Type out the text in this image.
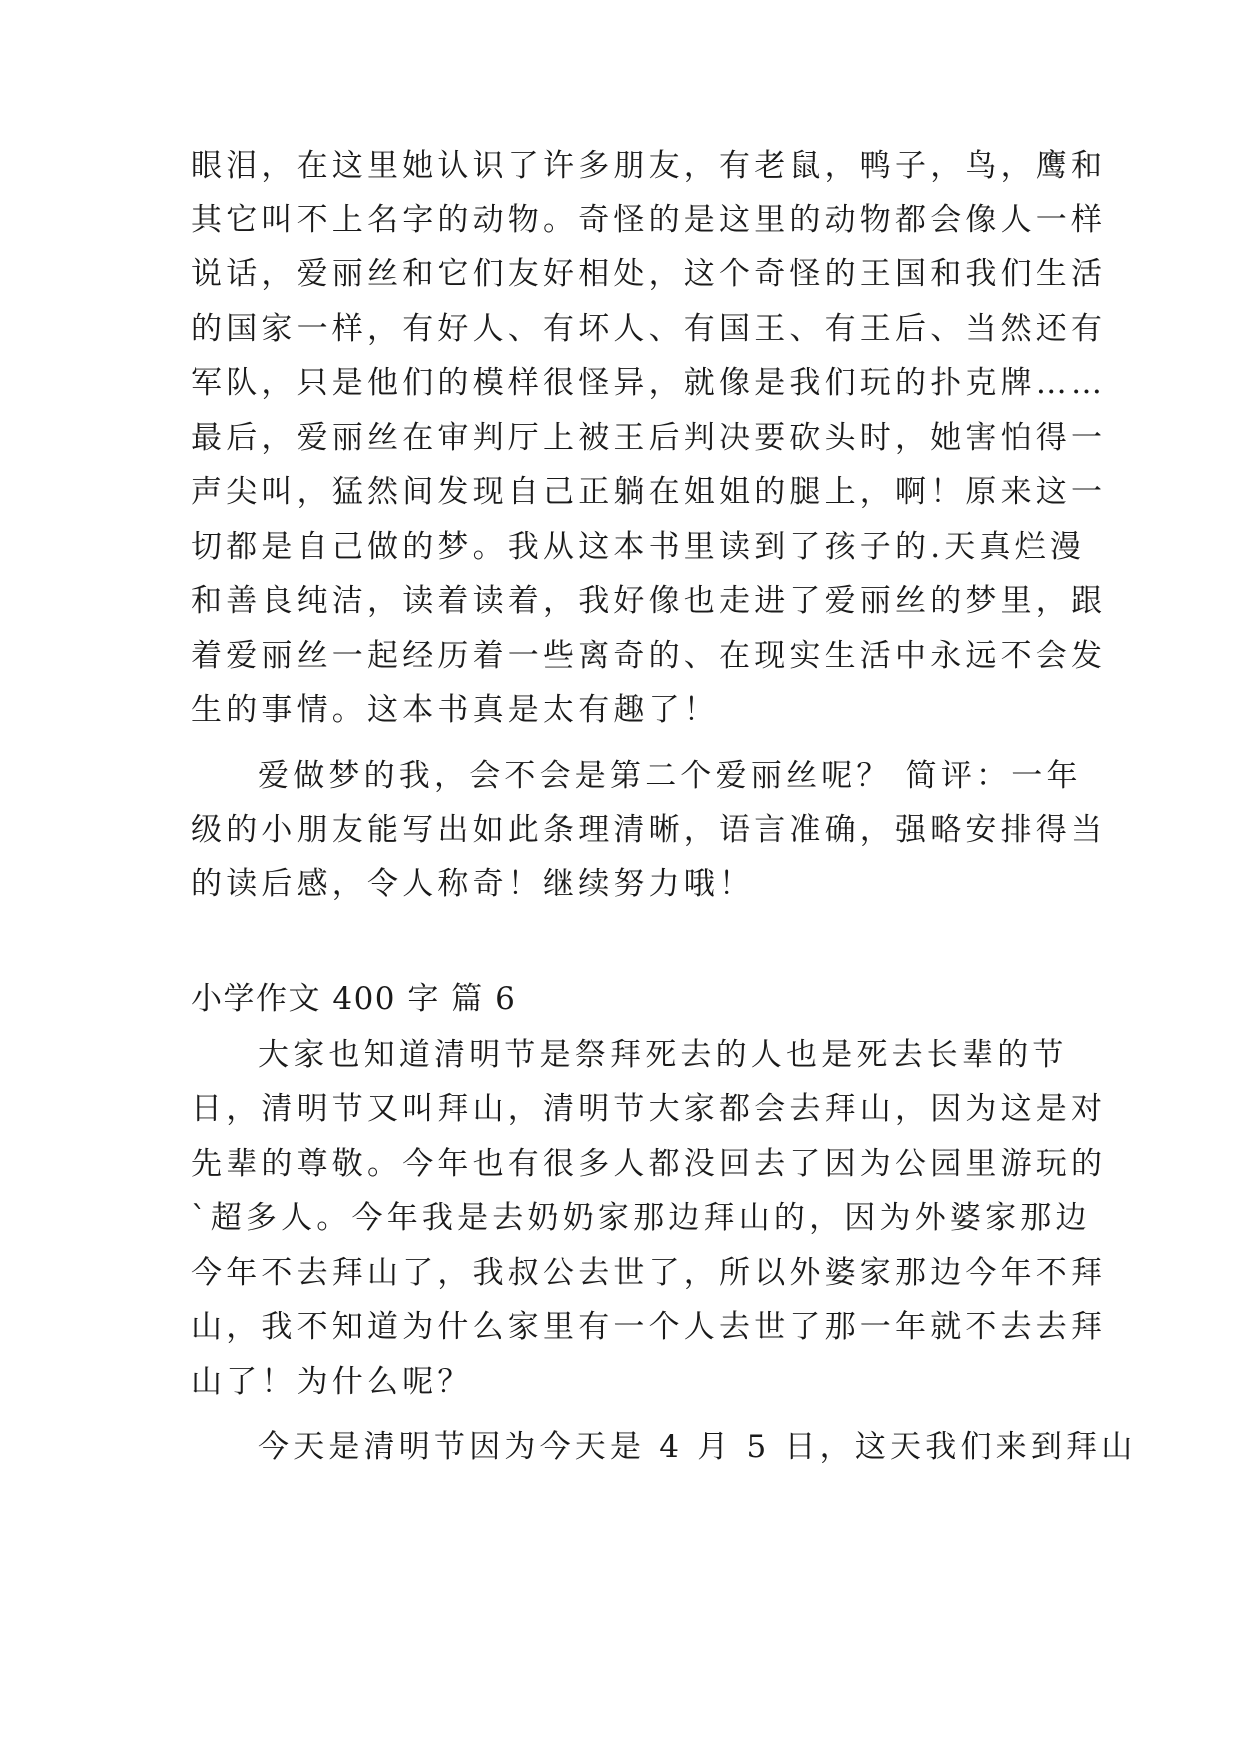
眼泪，在这里她认识了许多朋友，有老鼠，鸭子，鸟，鹰和
其它叫不上名字的动物。奇怪的是这里的动物都会像人一样
说话，爱丽丝和它们友好相处，这个奇怪的王国和我们生活
的国家一样，有好人、有坏人、有国王、有王后、当然还有
军队，只是他们的模样很怪异，就像是我们玩的扑克牌……
最后，爱丽丝在审判厅上被王后判决要砍头时，她害怕得一
声尖叫，猛然间发现自己正躺在姐姐的腿上，啊！原来这一
切都是自己做的梦。我从这本书里读到了孩子的.天真烂漫
和善良纯洁，读着读着，我好像也走进了爱丽丝的梦里，跟
着爱丽丝一起经历着一些离奇的、在现实生活中永远不会发
生的事情。这本书真是太有趣了！
爱做梦的我，会不会是第二个爱丽丝呢？ 简评：一年
级的小朋友能写出如此条理清晰，语言准确，强略安排得当
的读后感，令人称奇！继续努力哦！
小学作文 400 字 篇 6
大家也知道清明节是祭拜死去的人也是死去长辈的节
日，清明节又叫拜山，清明节大家都会去拜山，因为这是对
先辈的尊敬。今年也有很多人都没回去了因为公园里游玩的
`超多人。今年我是去奶奶家那边拜山的，因为外婆家那边
今年不去拜山了，我叔公去世了，所以外婆家那边今年不拜
山，我不知道为什么家里有一个人去世了那一年就不去去拜
山了！为什么呢？
今天是清明节因为今天是 4 月 5 日，这天我们来到拜山
